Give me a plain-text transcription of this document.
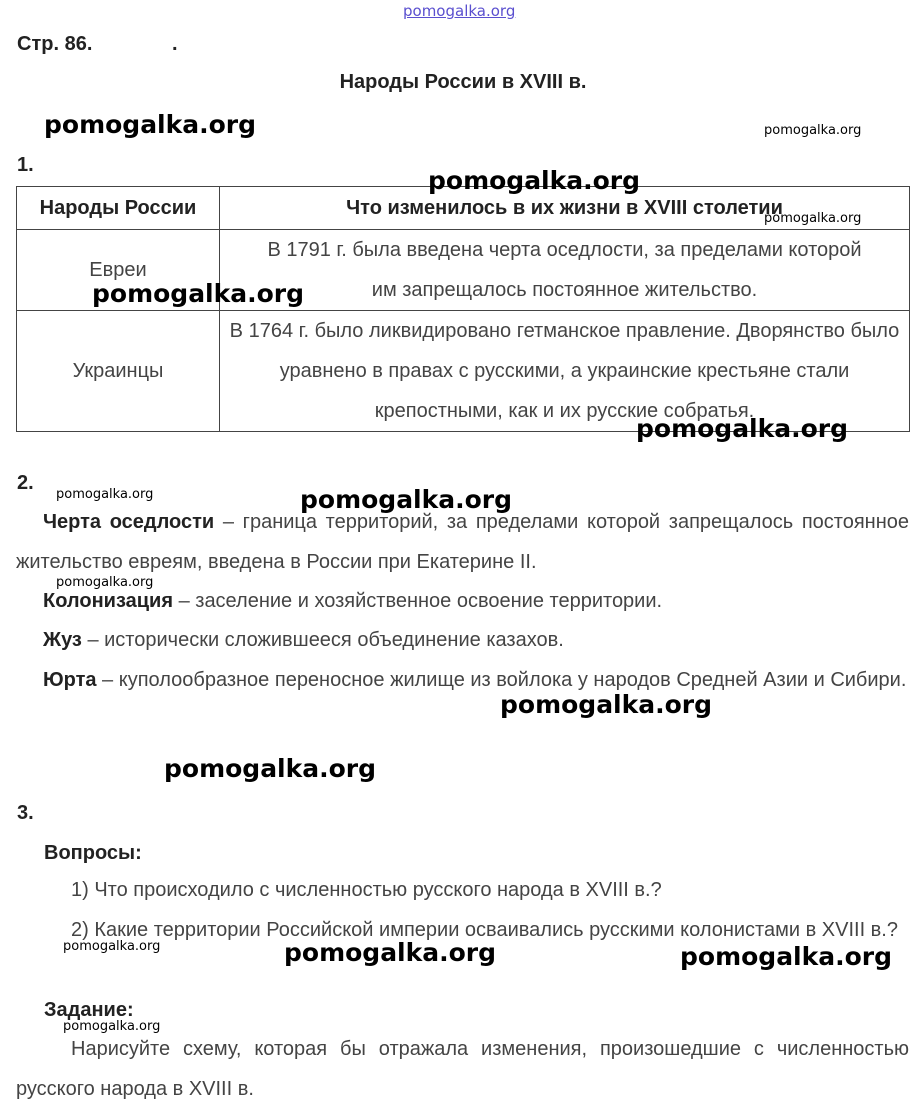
pomogalka.org
Стр. 86.	.
Народы России в XVIII в.
1.
Народы России	Что изменилось в их жизни в XVIII столетии
Евреи	В 1791 г. была введена черта оседлости, за пределами которой им запрещалось постоянное жительство.
Украинцы	В 1764 г. было ликвидировано гетманское правление. Дворянство было уравнено в правах с русскими, а украинские крестьяне стали крепостными, как и их русские собратья.
2.
Черта оседлости – граница территорий, за пределами которой запрещалось постоянное жительство евреям, введена в России при Екатерине II.
Колонизация – заселение и хозяйственное освоение территории.
Жуз – исторически сложившееся объединение казахов.
Юрта – куполообразное переносное жилище из войлока у народов Средней Азии и Сибири.
3.
Вопросы:
1) Что происходило с численностью русского народа в XVIII в.?
2) Какие территории Российской империи осваивались русскими колонистами в XVIII в.?
Задание:
Нарисуйте схему, которая бы отражала изменения, произошедшие с численностью русского народа в XVIII в.
pomogalka.org	pomogalka.org
pomogalka.org
pomogalka.org
pomogalka.org
pomogalka.org
pomogalka.org	pomogalka.org
pomogalka.org
pomogalka.org
pomogalka.org
pomogalka.org	pomogalka.org	pomogalka.org
pomogalka.org
